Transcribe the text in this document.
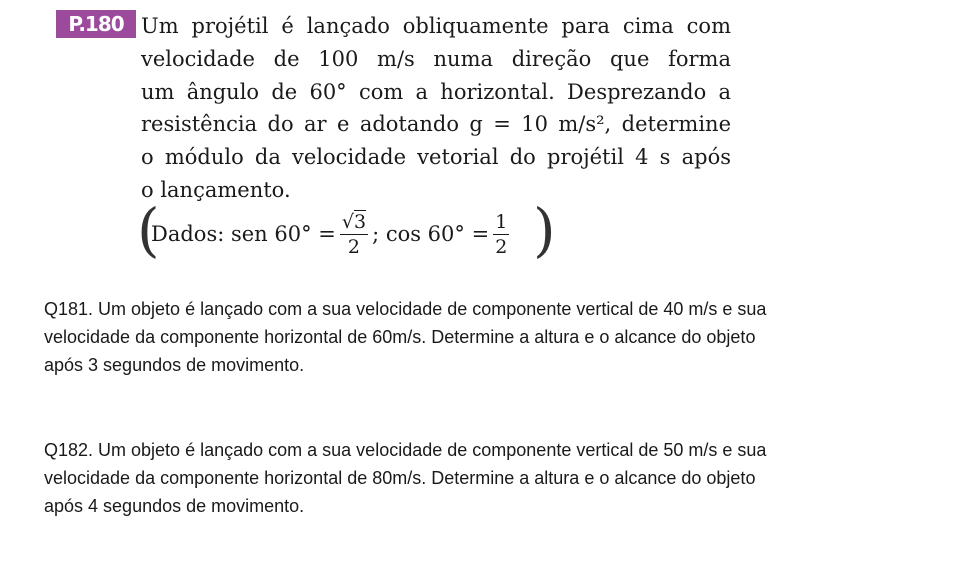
P.180 Um projétil é lançado obliquamente para cima com
velocidade de 100 m/s numa direção que forma
um ângulo de 60° com a horizontal. Desprezando a
resistência do ar e adotando g = 10 m/s², determine
o módulo da velocidade vetorial do projétil 4 s após
o lançamento.
(
Dados: sen $60^\circ = \frac{√3}{2}$ ; $\cos 60^\circ = \frac{1}{2}$ )
Q181. Um objeto é lançado com a sua velocidade de componente vertical de 40 m/s e sua
velocidade da componente horizontal de 60m/s. Determine a altura e o alcance do objeto
após 3 segundos de movimento.
Q182. Um objeto é lançado com a sua velocidade de componente vertical de 50 m/s e sua
velocidade da componente horizontal de 80m/s. Determine a altura e o alcance do objeto
após 4 segundos de movimento.
